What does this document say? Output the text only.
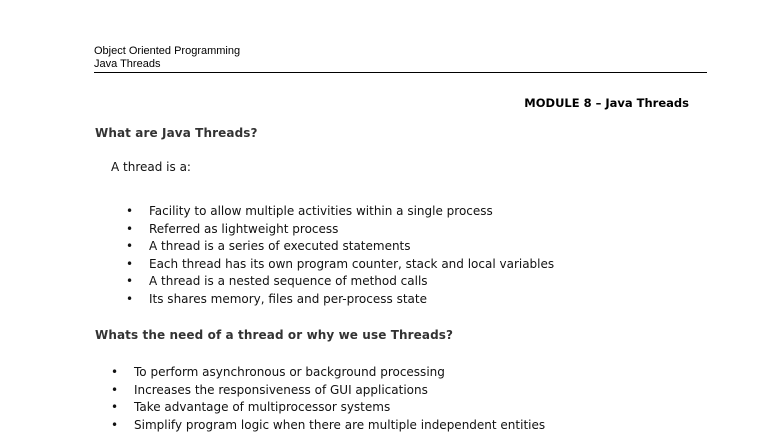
Object Oriented Programming
Java Threads
MODULE 8 – Java Threads
What are Java Threads?
A thread is a:
• Facility to allow multiple activities within a single process
• Referred as lightweight process
• A thread is a series of executed statements
• Each thread has its own program counter, stack and local variables
• A thread is a nested sequence of method calls
• Its shares memory, files and per-process state
Whats the need of a thread or why we use Threads?
• To perform asynchronous or background processing
• Increases the responsiveness of GUI applications
• Take advantage of multiprocessor systems
• Simplify program logic when there are multiple independent entities
